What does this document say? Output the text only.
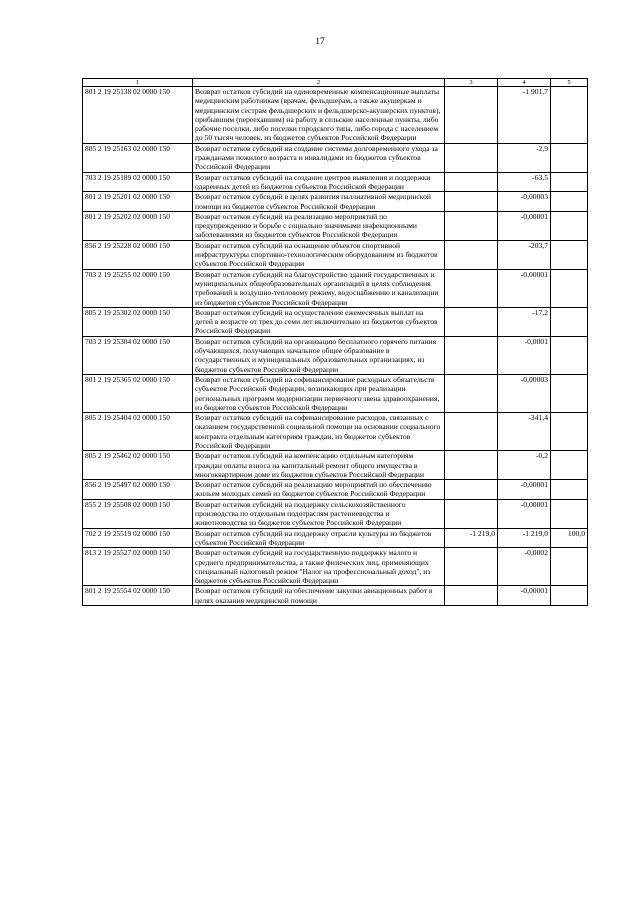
17
1	2	3	4	5
801 2 19 25138 02 0000 150	Возврат остатков субсидий на единовременные компенсационные выплаты медицинским работникам (врачам, фельдшерам, а также акушеркам и медицинским сестрам фельдшерских и фельдшерско-акушерских пунктов), прибывшим (переехавшим) на работу в сельские населенные пункты, либо рабочие поселки, либо поселки городского типа, либо города с населением до 50 тысяч человек, из бюджетов субъектов Российской Федерации		-1 901,7	
805 2 19 25163 02 0000 150	Возврат остатков субсидий на создание системы долговременного ухода за гражданами пожилого возраста и инвалидами из бюджетов субъектов Российской Федерации		-2,9	
703 2 19 25189 02 0000 150	Возврат остатков субсидий на создание центров выявления и поддержки одаренных детей из бюджетов субъектов Российской Федерации		-63,5	
801 2 19 25201 02 0000 150	Возврат остатков субсидий в целях развития паллиативной медицинской помощи из бюджетов субъектов Российской Федерации		-0,00003	
801 2 19 25202 02 0000 150	Возврат остатков субсидий на реализацию мероприятий по предупреждению и борьбе с социально значимыми инфекционными заболеваниями из бюджетов субъектов Российской Федерации		-0,00001	
856 2 19 25228 02 0000 150	Возврат остатков субсидий на оснащение объектов спортивной инфраструктуры спортивно-технологическим оборудованием из бюджетов субъектов Российской Федерации		-203,7	
703 2 19 25255 02 0000 150	Возврат остатков субсидий на благоустройство зданий государственных и муниципальных общеобразовательных организаций в целях соблюдения требований к воздушно-тепловому режиму, водоснабжению и канализации из бюджетов субъектов Российской Федерации		-0,00001	
805 2 19 25302 02 0000 150	Возврат остатков субсидий на осуществление ежемесячных выплат на детей в возрасте от трех до семи лет включительно из бюджетов субъектов Российской Федерации		-17,2	
703 2 19 25304 02 0000 150	Возврат остатков субсидий на организацию бесплатного горячего питания обучающихся, получающих начальное общее образование в государственных и муниципальных образовательных организациях, из бюджетов субъектов Российской Федерации		-0,0001	
801 2 19 25365 02 0000 150	Возврат остатков субсидий на софинансирование расходных обязательств субъектов Российской Федерации, возникающих при реализации региональных программ модернизации первичного звена здравоохранения, из бюджетов субъектов Российской Федерации		-0,00003	
805 2 19 25404 02 0000 150	Возврат остатков субсидий на софинансирование расходов, связанных с оказанием государственной социальной помощи на основании социального контракта отдельным категориям граждан, из бюджетов субъектов Российской Федерации		-341,4	
805 2 19 25462 02 0000 150	Возврат остатков субсидий на компенсацию отдельным категориям граждан оплаты взноса на капитальный ремонт общего имущества в многоквартирном доме из бюджетов субъектов Российской Федерации		-0,2	
856 2 19 25497 02 0000 150	Возврат остатков субсидий на реализацию мероприятий по обеспечению жильем молодых семей из бюджетов субъектов Российской Федерации		-0,00001	
855 2 19 25508 02 0000 150	Возврат остатков субсидий на поддержку сельскохозяйственного производства по отдельным подотраслям растениеводства и животноводства из бюджетов субъектов Российской Федерации		-0,00001	
702 2 19 25519 02 0000 150	Возврат остатков субсидий на поддержку отрасли культуры из бюджетов субъектов Российской Федерации	-1 219,0	-1 219,0	100,0
813 2 19 25527 02 0000 150	Возврат остатков субсидий на государственную поддержку малого и среднего предпринимательства, а также физических лиц, применяющих специальный налоговый режим "Налог на профессиональный доход", из бюджетов субъектов Российской Федерации		-0,0002	
801 2 19 25554 02 0000 150	Возврат остатков субсидий на обеспечение закупки авиационных работ в целях оказания медицинской помощи		-0,00001	
